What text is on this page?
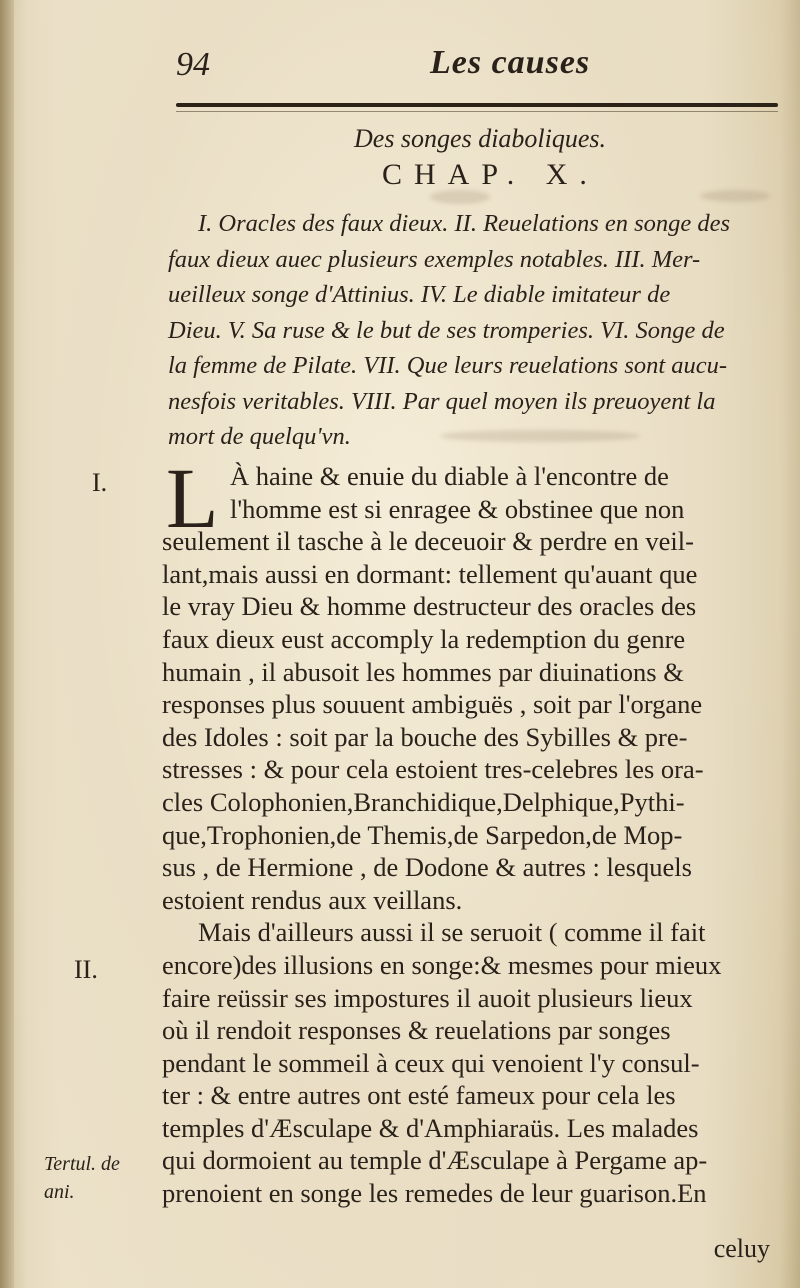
94	Les causes
Des songes diaboliques.
CHAP. X.
I. Oracles des faux dieux. II. Reuelations en songe des
faux dieux auec plusieurs exemples notables. III. Mer-
ueilleux songe d'Attinius. IV. Le diable imitateur de
Dieu. V. Sa ruse & le but de ses tromperies. VI. Songe de
la femme de Pilate. VII. Que leurs reuelations sont aucu-
nesfois veritables. VIII. Par quel moyen ils preuoyent la
mort de quelqu'vn.
L À haine & enuie du diable à l'encontre de
l'homme est si enragee & obstinee que non
seulement il tasche à le deceuoir & perdre en veil-
lant,mais aussi en dormant: tellement qu'auant que
le vray Dieu & homme destructeur des oracles des
faux dieux eust accomply la redemption du genre
humain , il abusoit les hommes par diuinations &
responses plus souuent ambiguës , soit par l'organe
des Idoles : soit par la bouche des Sybilles & pre-
stresses : & pour cela estoient tres-celebres les ora-
cles Colophonien,Branchidique,Delphique,Pythi-
que,Trophonien,de Themis,de Sarpedon,de Mop-
sus , de Hermione , de Dodone & autres : lesquels
estoient rendus aux veillans.
Mais d'ailleurs aussi il se seruoit ( comme il fait
encore)des illusions en songe:& mesmes pour mieux
faire reüssir ses impostures il auoit plusieurs lieux
où il rendoit responses & reuelations par songes
pendant le sommeil à ceux qui venoient l'y consul-
ter : & entre autres ont esté fameux pour cela les
temples d'Æsculape & d'Amphiaraüs. Les malades
qui dormoient au temple d'Æsculape à Pergame ap-
prenoient en songe les remedes de leur guarison.En
I.
II.
Tertul. de ani.
celuy
